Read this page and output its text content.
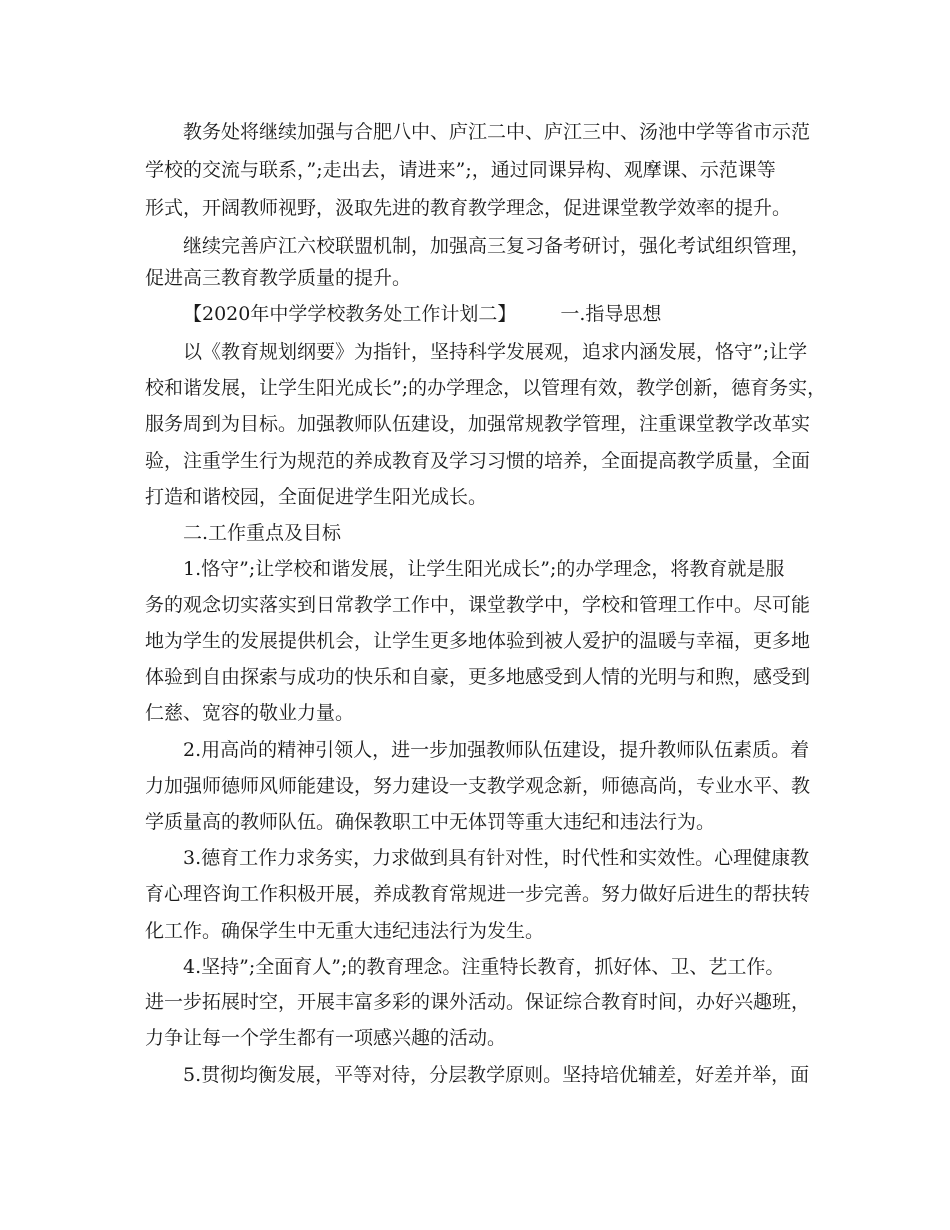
教务处将继续加强与合肥八中、庐江二中、庐江三中、汤池中学等省市示范

学校的交流与联系，”;走出去，请进来”;，通过同课异构、观摩课、示范课等

形式，开阔教师视野，汲取先进的教育教学理念，促进课堂教学效率的提升。

继续完善庐江六校联盟机制，加强高三复习备考研讨，强化考试组织管理，

促进高三教育教学质量的提升。

【2020年中学学校教务处工作计划二】 一.指导思想

以《教育规划纲要》为指针，坚持科学发展观，追求内涵发展，恪守”;让学

校和谐发展，让学生阳光成长”;的办学理念，以管理有效，教学创新，德育务实，

服务周到为目标。加强教师队伍建设，加强常规教学管理，注重课堂教学改革实

验，注重学生行为规范的养成教育及学习习惯的培养，全面提高教学质量，全面

打造和谐校园，全面促进学生阳光成长。

二.工作重点及目标

1.恪守”;让学校和谐发展，让学生阳光成长”;的办学理念，将教育就是服

务的观念切实落实到日常教学工作中，课堂教学中，学校和管理工作中。尽可能

地为学生的发展提供机会，让学生更多地体验到被人爱护的温暖与幸福，更多地

体验到自由探索与成功的快乐和自豪，更多地感受到人情的光明与和煦，感受到

仁慈、宽容的敬业力量。

2.用高尚的精神引领人，进一步加强教师队伍建设，提升教师队伍素质。着

力加强师德师风师能建设，努力建设一支教学观念新，师德高尚，专业水平、教

学质量高的教师队伍。确保教职工中无体罚等重大违纪和违法行为。

3.德育工作力求务实，力求做到具有针对性，时代性和实效性。心理健康教

育心理咨询工作积极开展，养成教育常规进一步完善。努力做好后进生的帮扶转

化工作。确保学生中无重大违纪违法行为发生。

4.坚持”;全面育人”;的教育理念。注重特长教育，抓好体、卫、艺工作。

进一步拓展时空，开展丰富多彩的课外活动。保证综合教育时间，办好兴趣班，

力争让每一个学生都有一项感兴趣的活动。

5.贯彻均衡发展，平等对待，分层教学原则。坚持培优辅差，好差并举，面
